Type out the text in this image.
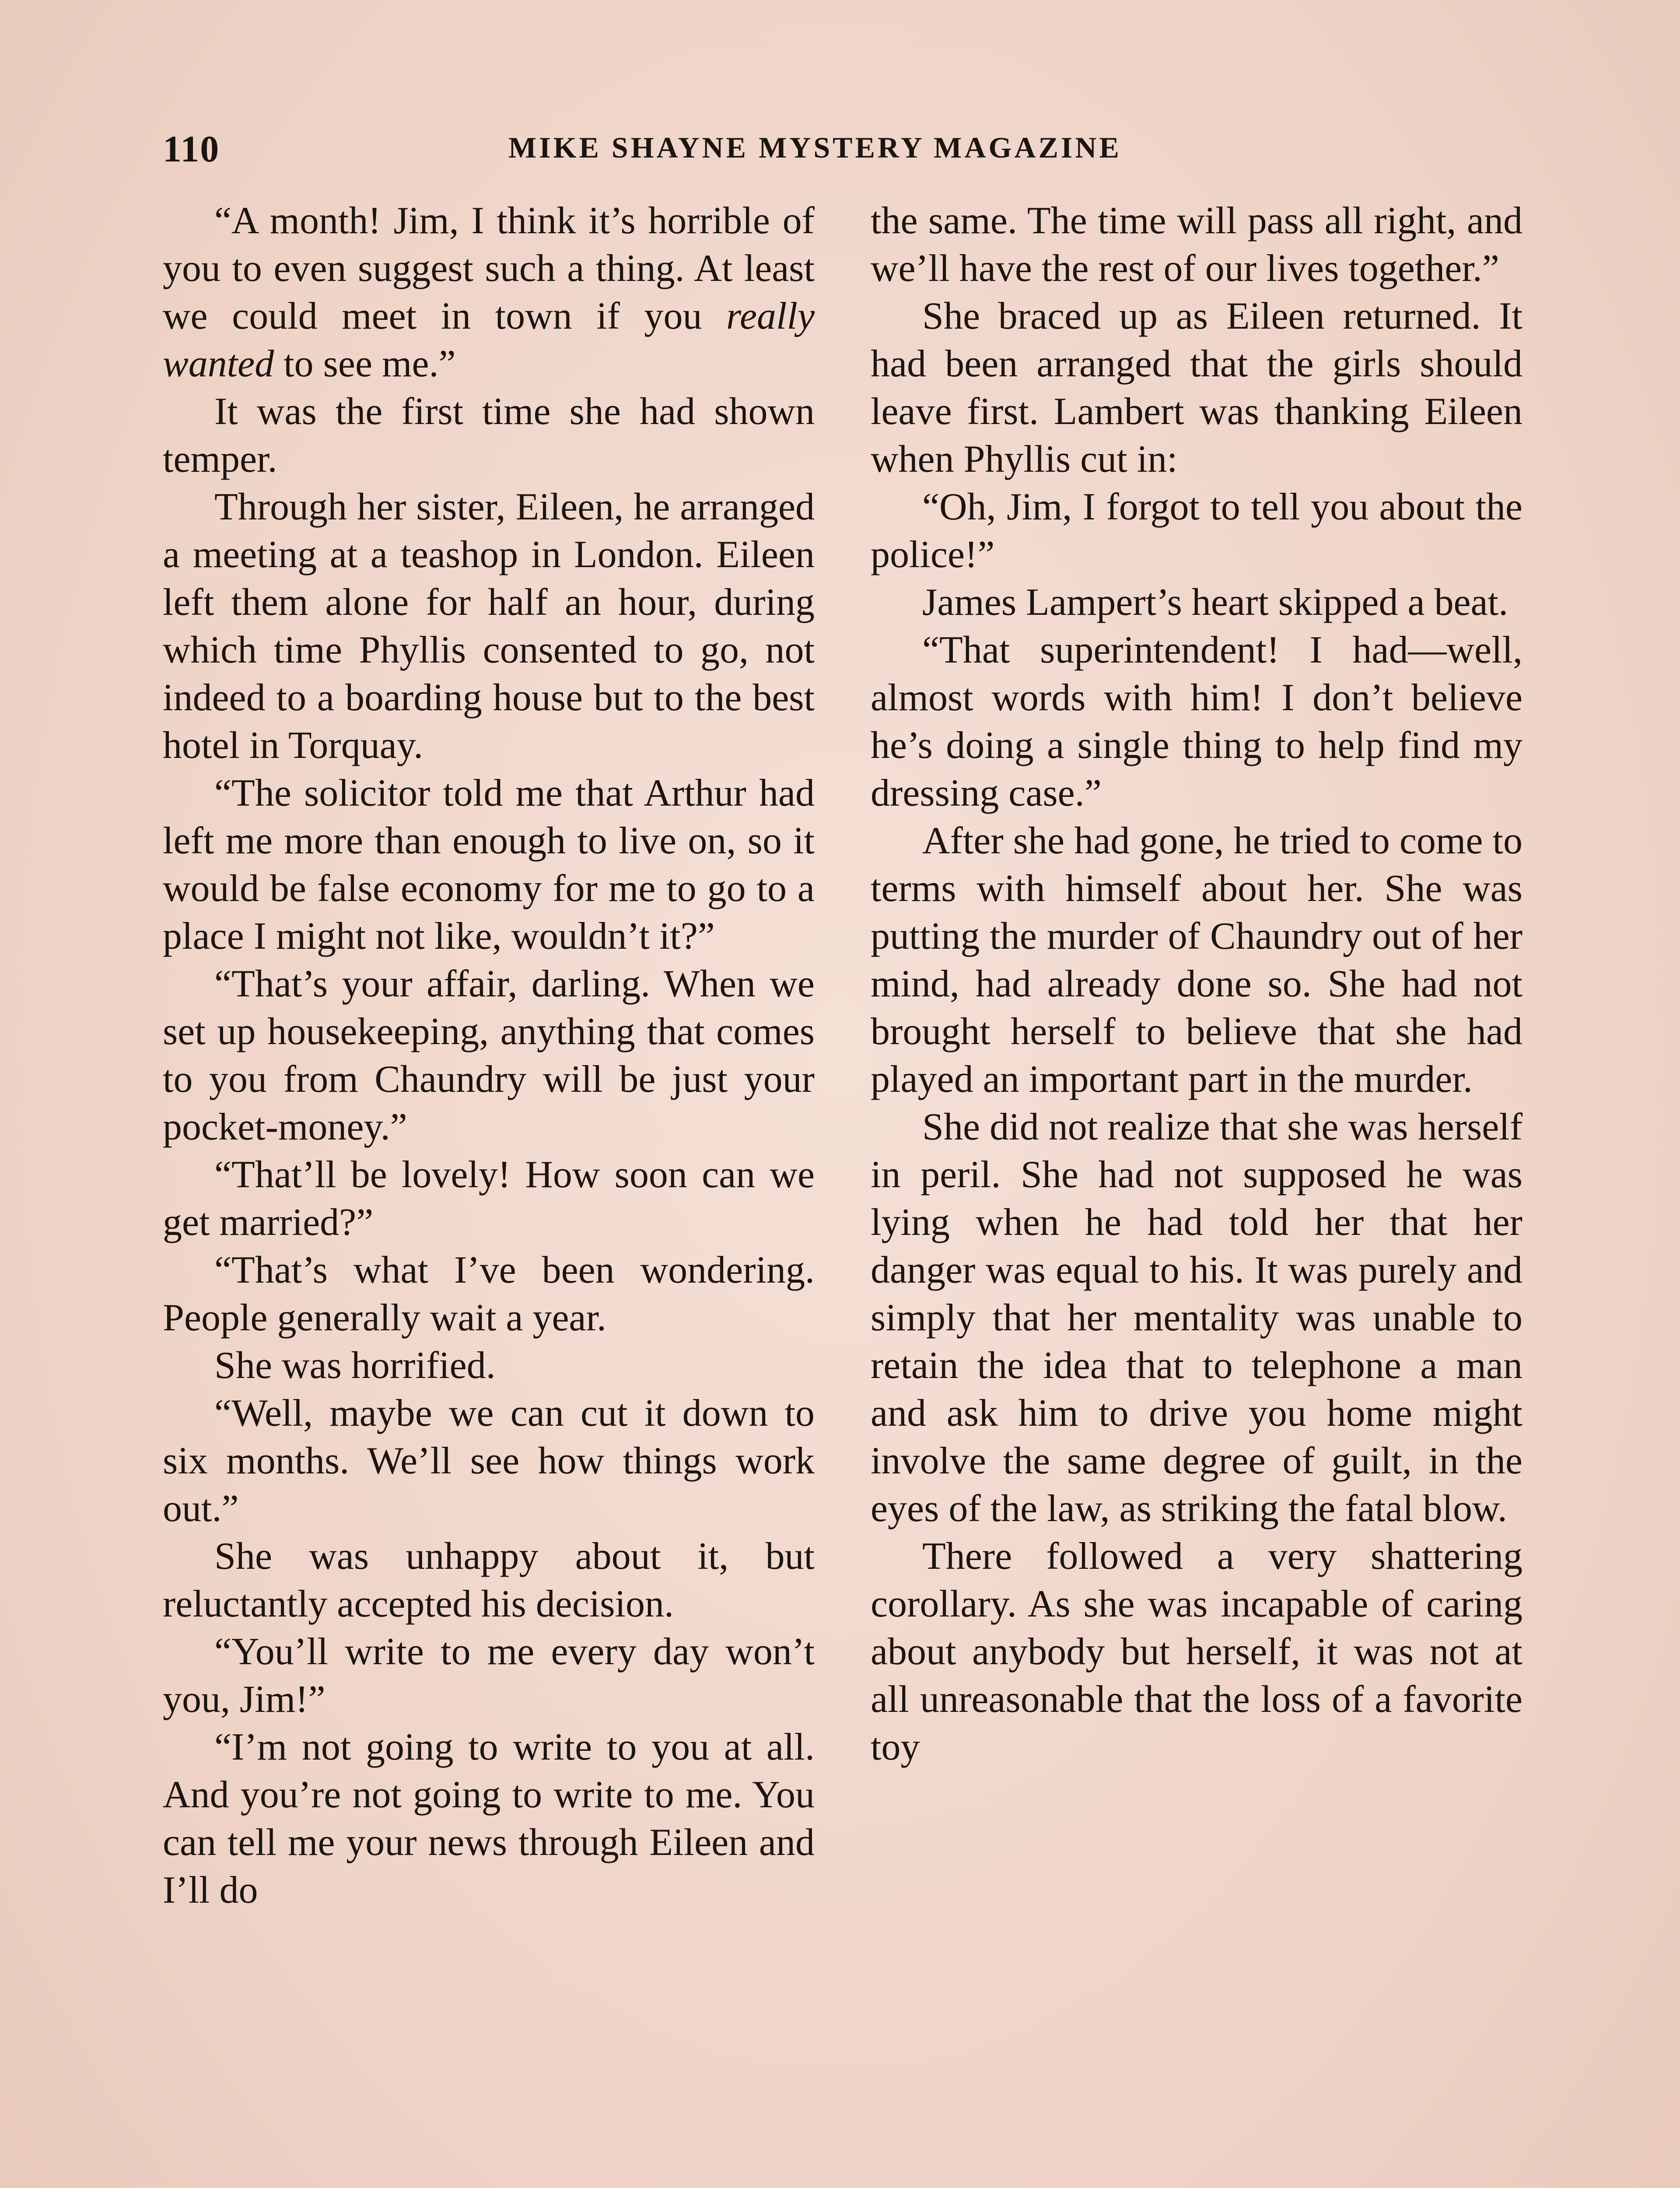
110	MIKE SHAYNE MYSTERY MAGAZINE

“A month! Jim, I think it’s horrible of you to even suggest such a thing. At least we could meet in town if you really wanted to see me.”

It was the first time she had shown temper.

Through her sister, Eileen, he arranged a meeting at a teashop in London. Eileen left them alone for half an hour, during which time Phyllis consented to go, not indeed to a boarding house but to the best hotel in Torquay.

“The solicitor told me that Arthur had left me more than enough to live on, so it would be false economy for me to go to a place I might not like, wouldn’t it?”

“That’s your affair, darling. When we set up housekeeping, anything that comes to you from Chaundry will be just your pocket-money.”

“That’ll be lovely! How soon can we get married?”

“That’s what I’ve been wondering. People generally wait a year.

She was horrified.

“Well, maybe we can cut it down to six months. We’ll see how things work out.”

She was unhappy about it, but reluctantly accepted his decision.

“You’ll write to me every day won’t you, Jim!”

“I’m not going to write to you at all. And you’re not going to write to me. You can tell me your news through Eileen and I’ll do

the same. The time will pass all right, and we’ll have the rest of our lives together.”

She braced up as Eileen returned. It had been arranged that the girls should leave first. Lambert was thanking Eileen when Phyllis cut in:

“Oh, Jim, I forgot to tell you about the police!”

James Lampert’s heart skipped a beat.

“That superintendent! I had—well, almost words with him! I don’t believe he’s doing a single thing to help find my dressing case.”

After she had gone, he tried to come to terms with himself about her. She was putting the murder of Chaundry out of her mind, had already done so. She had not brought herself to believe that she had played an important part in the murder.

She did not realize that she was herself in peril. She had not supposed he was lying when he had told her that her danger was equal to his. It was purely and simply that her mentality was unable to retain the idea that to telephone a man and ask him to drive you home might involve the same degree of guilt, in the eyes of the law, as striking the fatal blow.

There followed a very shattering corollary. As she was incapable of caring about anybody but herself, it was not at all unreasonable that the loss of a favorite toy
